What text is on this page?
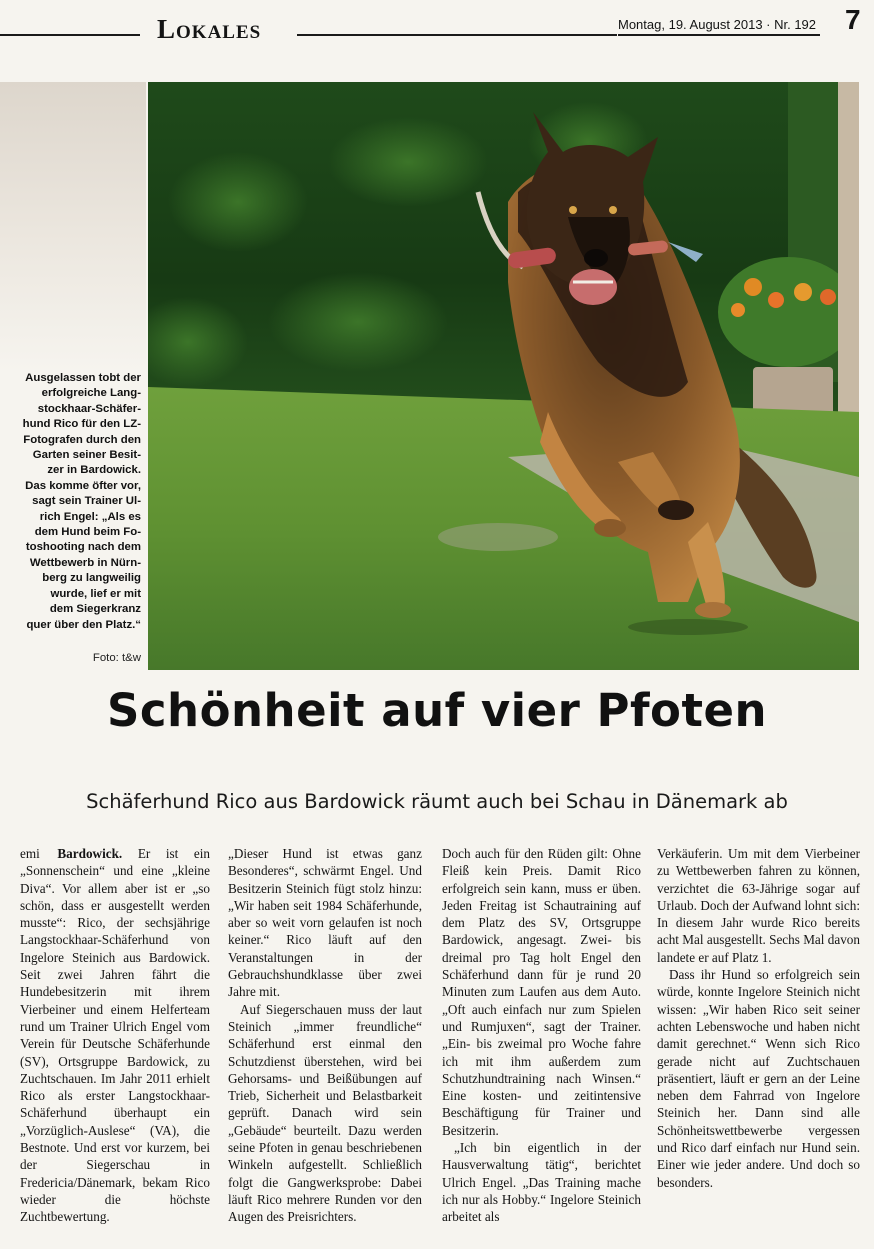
Lokales	Montag, 19. August 2013 · Nr. 192 7
Ausgelassen tobt der
erfolgreiche Lang-
stockhaar-Schäfer-
hund Rico für den LZ-
Fotografen durch den
Garten seiner Besit-
zer in Bardowick.
Das komme öfter vor,
sagt sein Trainer Ul-
rich Engel: „Als es
dem Hund beim Fo-
toshooting nach dem
Wettbewerb in Nürn-
berg zu langweilig
wurde, lief er mit
dem Siegerkranz
quer über den Platz.“
Foto: t&w
Schönheit auf vier Pfoten
Schäferhund Rico aus Bardowick räumt auch bei Schau in Dänemark ab

emi Bardowick. Er ist ein „Sonnenschein“ und eine „kleine Diva“. Vor allem aber ist er „so schön, dass er ausgestellt werden musste“: Rico, der sechsjährige Langstockhaar-Schäferhund von Ingelore Steinich aus Bardowick. Seit zwei Jahren fährt die Hundebesitzerin mit ihrem Vierbeiner und einem Helferteam rund um Trainer Ulrich Engel vom Verein für Deutsche Schäferhunde (SV), Ortsgruppe Bardowick, zu Zuchtschauen. Im Jahr 2011 erhielt Rico als erster Langstockhaar-Schäferhund überhaupt ein „Vorzüglich-Auslese“ (VA), die Bestnote. Und erst vor kurzem, bei der Siegerschau in Fredericia/Dänemark, bekam Rico wieder die höchste Zuchtbewertung.

„Dieser Hund ist etwas ganz Besonderes“, schwärmt Engel. Und Besitzerin Steinich fügt stolz hinzu: „Wir haben seit 1984 Schäferhunde, aber so weit vorn gelaufen ist noch keiner.“ Rico läuft auf den Veranstaltungen in der Gebrauchshundklasse über zwei Jahre mit.

Auf Siegerschauen muss der laut Steinich „immer freundliche“ Schäferhund erst einmal den Schutzdienst überstehen, wird bei Gehorsams- und Beißübungen auf Trieb, Sicherheit und Belastbarkeit geprüft. Danach wird sein „Gebäude“ beurteilt. Dazu werden seine Pfoten in genau beschriebenen Winkeln aufgestellt. Schließlich folgt die Gangwerksprobe: Dabei läuft Rico mehrere Runden vor den Augen des Preisrichters.

Doch auch für den Rüden gilt: Ohne Fleiß kein Preis. Damit Rico erfolgreich sein kann, muss er üben. Jeden Freitag ist Schautraining auf dem Platz des SV, Ortsgruppe Bardowick, angesagt. Zwei- bis dreimal pro Tag holt Engel den Schäferhund dann für je rund 20 Minuten zum Laufen aus dem Auto. „Oft auch einfach nur zum Spielen und Rumjuxen“, sagt der Trainer. „Ein- bis zweimal pro Woche fahre ich mit ihm außerdem zum Schutzhundtraining nach Winsen.“ Eine kosten- und zeitintensive Beschäftigung für Trainer und Besitzerin.

„Ich bin eigentlich in der Hausverwaltung tätig“, berichtet Ulrich Engel. „Das Training mache ich nur als Hobby.“ Ingelore Steinich arbeitet als

Verkäuferin. Um mit dem Vierbeiner zu Wettbewerben fahren zu können, verzichtet die 63-Jährige sogar auf Urlaub. Doch der Aufwand lohnt sich: In diesem Jahr wurde Rico bereits acht Mal ausgestellt. Sechs Mal davon landete er auf Platz 1.

Dass ihr Hund so erfolgreich sein würde, konnte Ingelore Steinich nicht wissen: „Wir haben Rico seit seiner achten Lebenswoche und haben nicht damit gerechnet.“ Wenn sich Rico gerade nicht auf Zuchtschauen präsentiert, läuft er gern an der Leine neben dem Fahrrad von Ingelore Steinich her. Dann sind alle Schönheitswettbewerbe vergessen und Rico darf einfach nur Hund sein. Einer wie jeder andere. Und doch so besonders.
